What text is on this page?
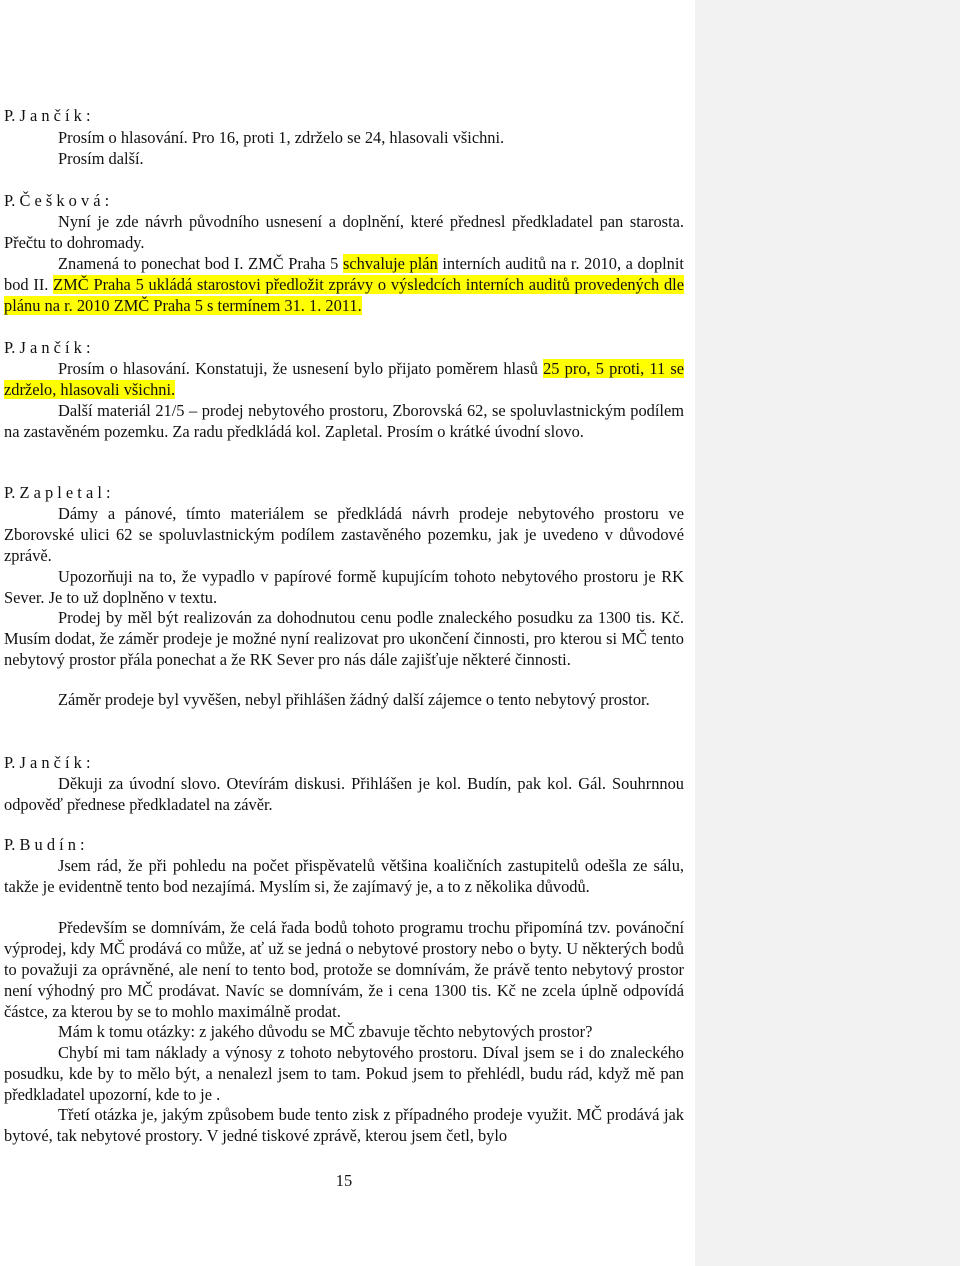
P. J a n č í k :

Prosím o hlasování. Pro 16, proti 1, zdrželo se 24, hlasovali všichni.

Prosím další.

P. Č e š k o v á :

Nyní je zde návrh původního usnesení a doplnění, které přednesl předkladatel pan starosta. Přečtu to dohromady.

Znamená to ponechat bod I. ZMČ Praha 5 schvaluje plán interních auditů na r. 2010, a doplnit bod II. ZMČ Praha 5 ukládá starostovi předložit zprávy o výsledcích interních auditů provedených dle plánu na r. 2010 ZMČ Praha 5 s termínem 31. 1. 2011.

P. J a n č í k :

Prosím o hlasování. Konstatuji, že usnesení bylo přijato poměrem hlasů 25 pro, 5 proti, 11 se zdrželo, hlasovali všichni.

Další materiál 21/5 – prodej nebytového prostoru, Zborovská 62, se spoluvlastnickým podílem na zastavěném pozemku. Za radu předkládá kol. Zapletal. Prosím o krátké úvodní slovo.

P. Z a p l e t a l :

Dámy a pánové, tímto materiálem se předkládá návrh prodeje nebytového prostoru ve Zborovské ulici 62 se spoluvlastnickým podílem zastavěného pozemku, jak je uvedeno v důvodové zprávě.

Upozorňuji na to, že vypadlo v papírové formě kupujícím tohoto nebytového prostoru je RK Sever. Je to už doplněno v textu.

Prodej by měl být realizován za dohodnutou cenu podle znaleckého posudku za 1300 tis. Kč. Musím dodat, že záměr prodeje je možné nyní realizovat pro ukončení činnosti, pro kterou si MČ tento nebytový prostor přála ponechat a že RK Sever pro nás dále zajišťuje některé činnosti.

Záměr prodeje byl vyvěšen, nebyl přihlášen žádný další zájemce o tento nebytový prostor.

P. J a n č í k :

Děkuji za úvodní slovo. Otevírám diskusi. Přihlášen je kol. Budín, pak kol. Gál. Souhrnnou odpověď přednese předkladatel na závěr.

P. B u d í n :

Jsem rád, že při pohledu na počet přispěvatelů většina koaličních zastupitelů odešla ze sálu, takže je evidentně tento bod nezajímá. Myslím si, že zajímavý je, a to z několika důvodů.

Především se domnívám, že celá řada bodů tohoto programu trochu připomíná tzv. povánoční výprodej, kdy MČ prodává co může, ať už se jedná o nebytové prostory nebo o byty. U některých bodů to považuji za oprávněné, ale není to tento bod, protože se domnívám, že právě tento nebytový prostor není výhodný pro MČ prodávat. Navíc se domnívám, že i cena 1300 tis. Kč ne zcela úplně odpovídá částce, za kterou by se to mohlo maximálně prodat.

Mám k tomu otázky: z jakého důvodu se MČ zbavuje těchto nebytových prostor?

Chybí mi tam náklady a výnosy z tohoto nebytového prostoru. Díval jsem se i do znaleckého posudku, kde by to mělo být, a nenalezl jsem to tam. Pokud jsem to přehlédl, budu rád, když mě pan předkladatel upozorní, kde to je .

Třetí otázka je, jakým způsobem bude tento zisk z případného prodeje využit. MČ prodává jak bytové, tak nebytové prostory. V jedné tiskové zprávě, kterou jsem četl, bylo

15
